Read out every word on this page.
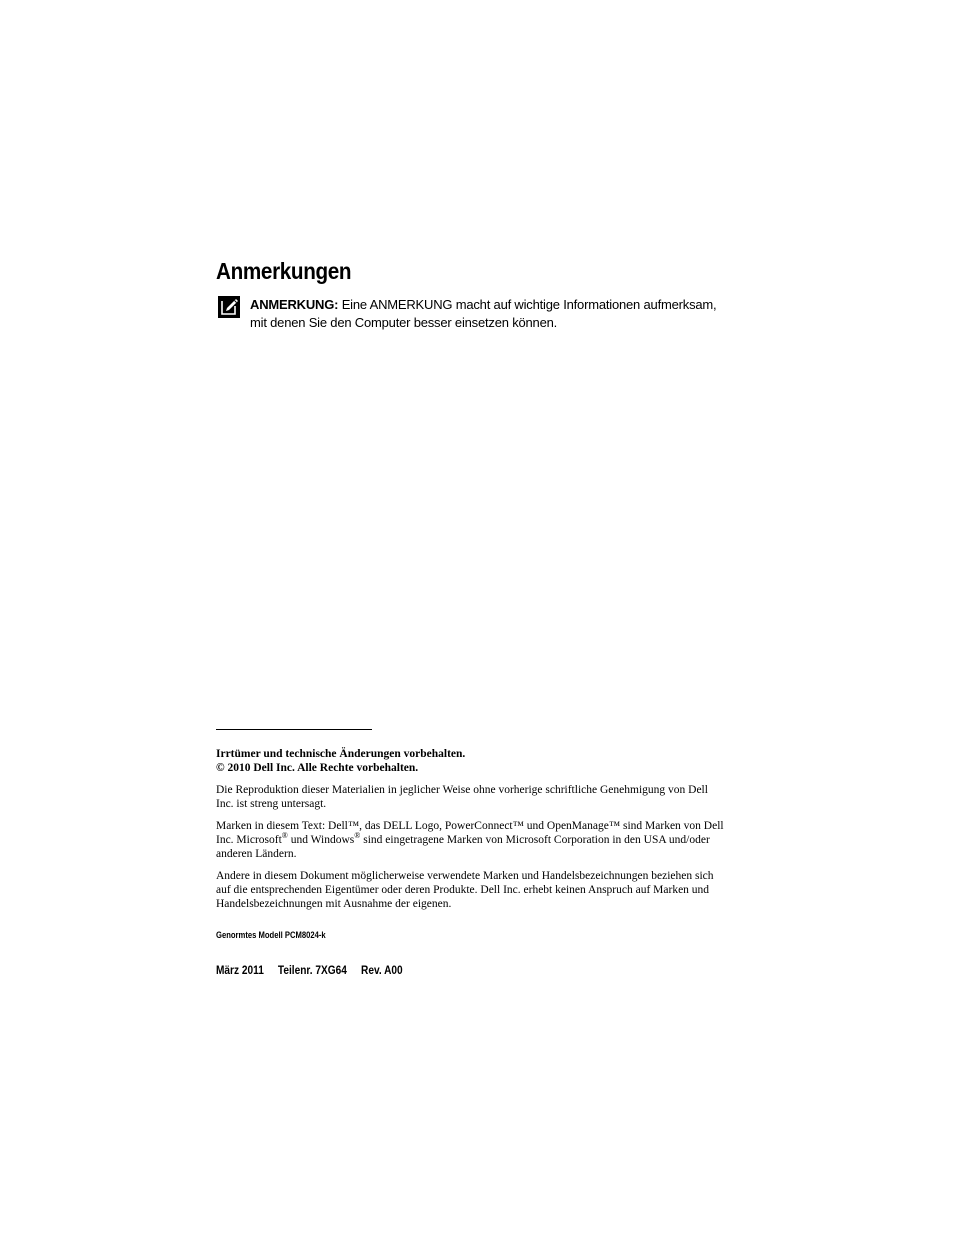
Anmerkungen

ANMERKUNG: Eine ANMERKUNG macht auf wichtige Informationen aufmerksam, mit denen Sie den Computer besser einsetzen können.

Irrtümer und technische Änderungen vorbehalten.
© 2010 Dell Inc. Alle Rechte vorbehalten.

Die Reproduktion dieser Materialien in jeglicher Weise ohne vorherige schriftliche Genehmigung von Dell Inc. ist streng untersagt.

Marken in diesem Text: Dell™, das DELL Logo, PowerConnect™ und OpenManage™ sind Marken von Dell Inc. Microsoft® und Windows® sind eingetragene Marken von Microsoft Corporation in den USA und/oder anderen Ländern.

Andere in diesem Dokument möglicherweise verwendete Marken und Handelsbezeichnungen beziehen sich auf die entsprechenden Eigentümer oder deren Produkte. Dell Inc. erhebt keinen Anspruch auf Marken und Handelsbezeichnungen mit Ausnahme der eigenen.

Genormtes Modell PCM8024-k

März 2011 Teilenr. 7XG64 Rev. A00
